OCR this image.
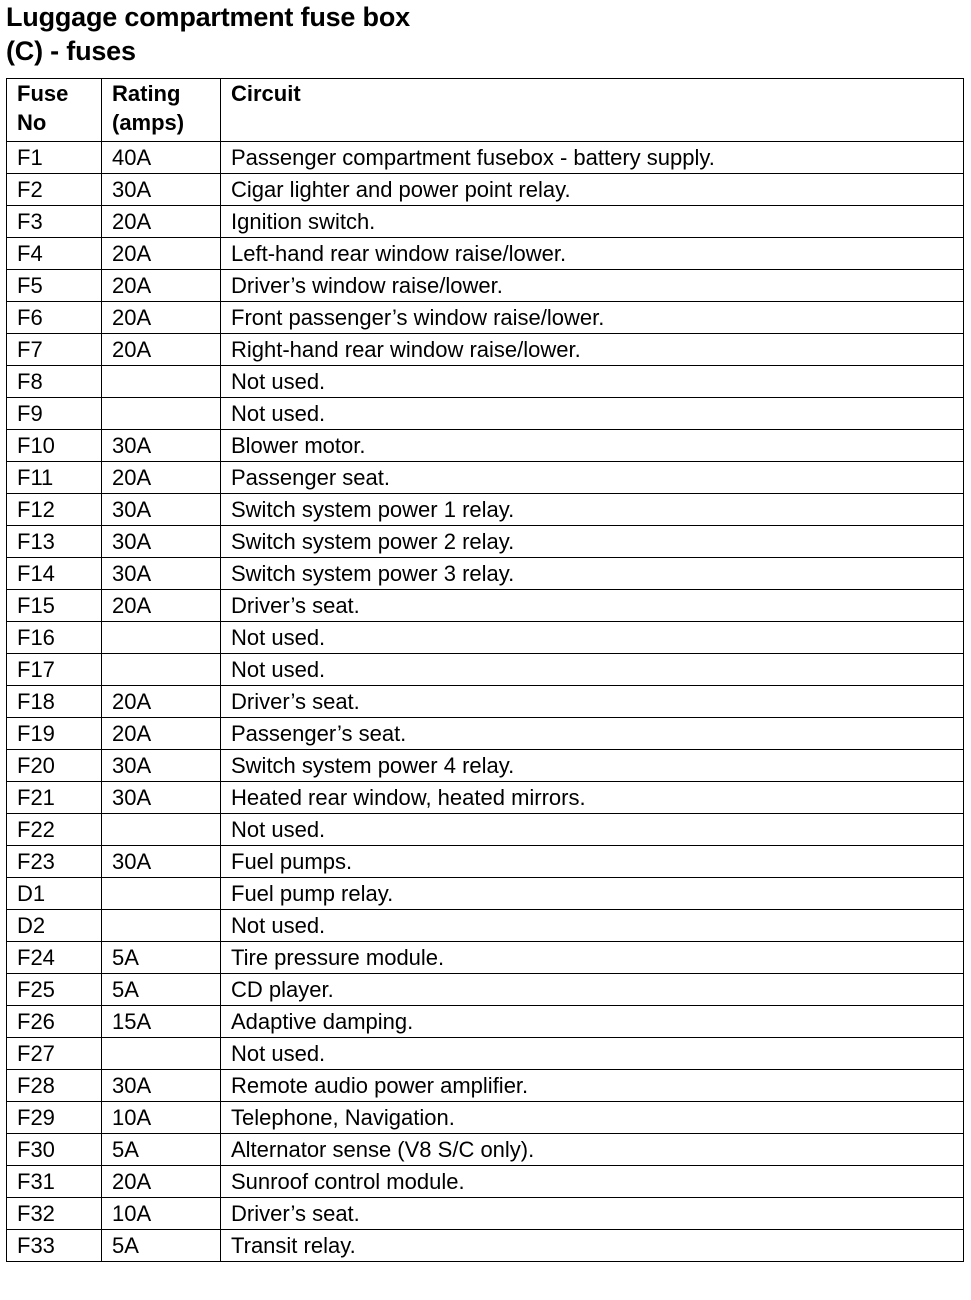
Luggage compartment fuse box
(C) - fuses
Fuse No	Rating (amps)	Circuit
F1	40A	Passenger compartment fusebox - battery supply.
F2	30A	Cigar lighter and power point relay.
F3	20A	Ignition switch.
F4	20A	Left-hand rear window raise/lower.
F5	20A	Driver’s window raise/lower.
F6	20A	Front passenger’s window raise/lower.
F7	20A	Right-hand rear window raise/lower.
F8		Not used.
F9		Not used.
F10	30A	Blower motor.
F11	20A	Passenger seat.
F12	30A	Switch system power 1 relay.
F13	30A	Switch system power 2 relay.
F14	30A	Switch system power 3 relay.
F15	20A	Driver’s seat.
F16		Not used.
F17		Not used.
F18	20A	Driver’s seat.
F19	20A	Passenger’s seat.
F20	30A	Switch system power 4 relay.
F21	30A	Heated rear window, heated mirrors.
F22		Not used.
F23	30A	Fuel pumps.
D1		Fuel pump relay.
D2		Not used.
F24	5A	Tire pressure module.
F25	5A	CD player.
F26	15A	Adaptive damping.
F27		Not used.
F28	30A	Remote audio power amplifier.
F29	10A	Telephone, Navigation.
F30	5A	Alternator sense (V8 S/C only).
F31	20A	Sunroof control module.
F32	10A	Driver’s seat.
F33	5A	Transit relay.
